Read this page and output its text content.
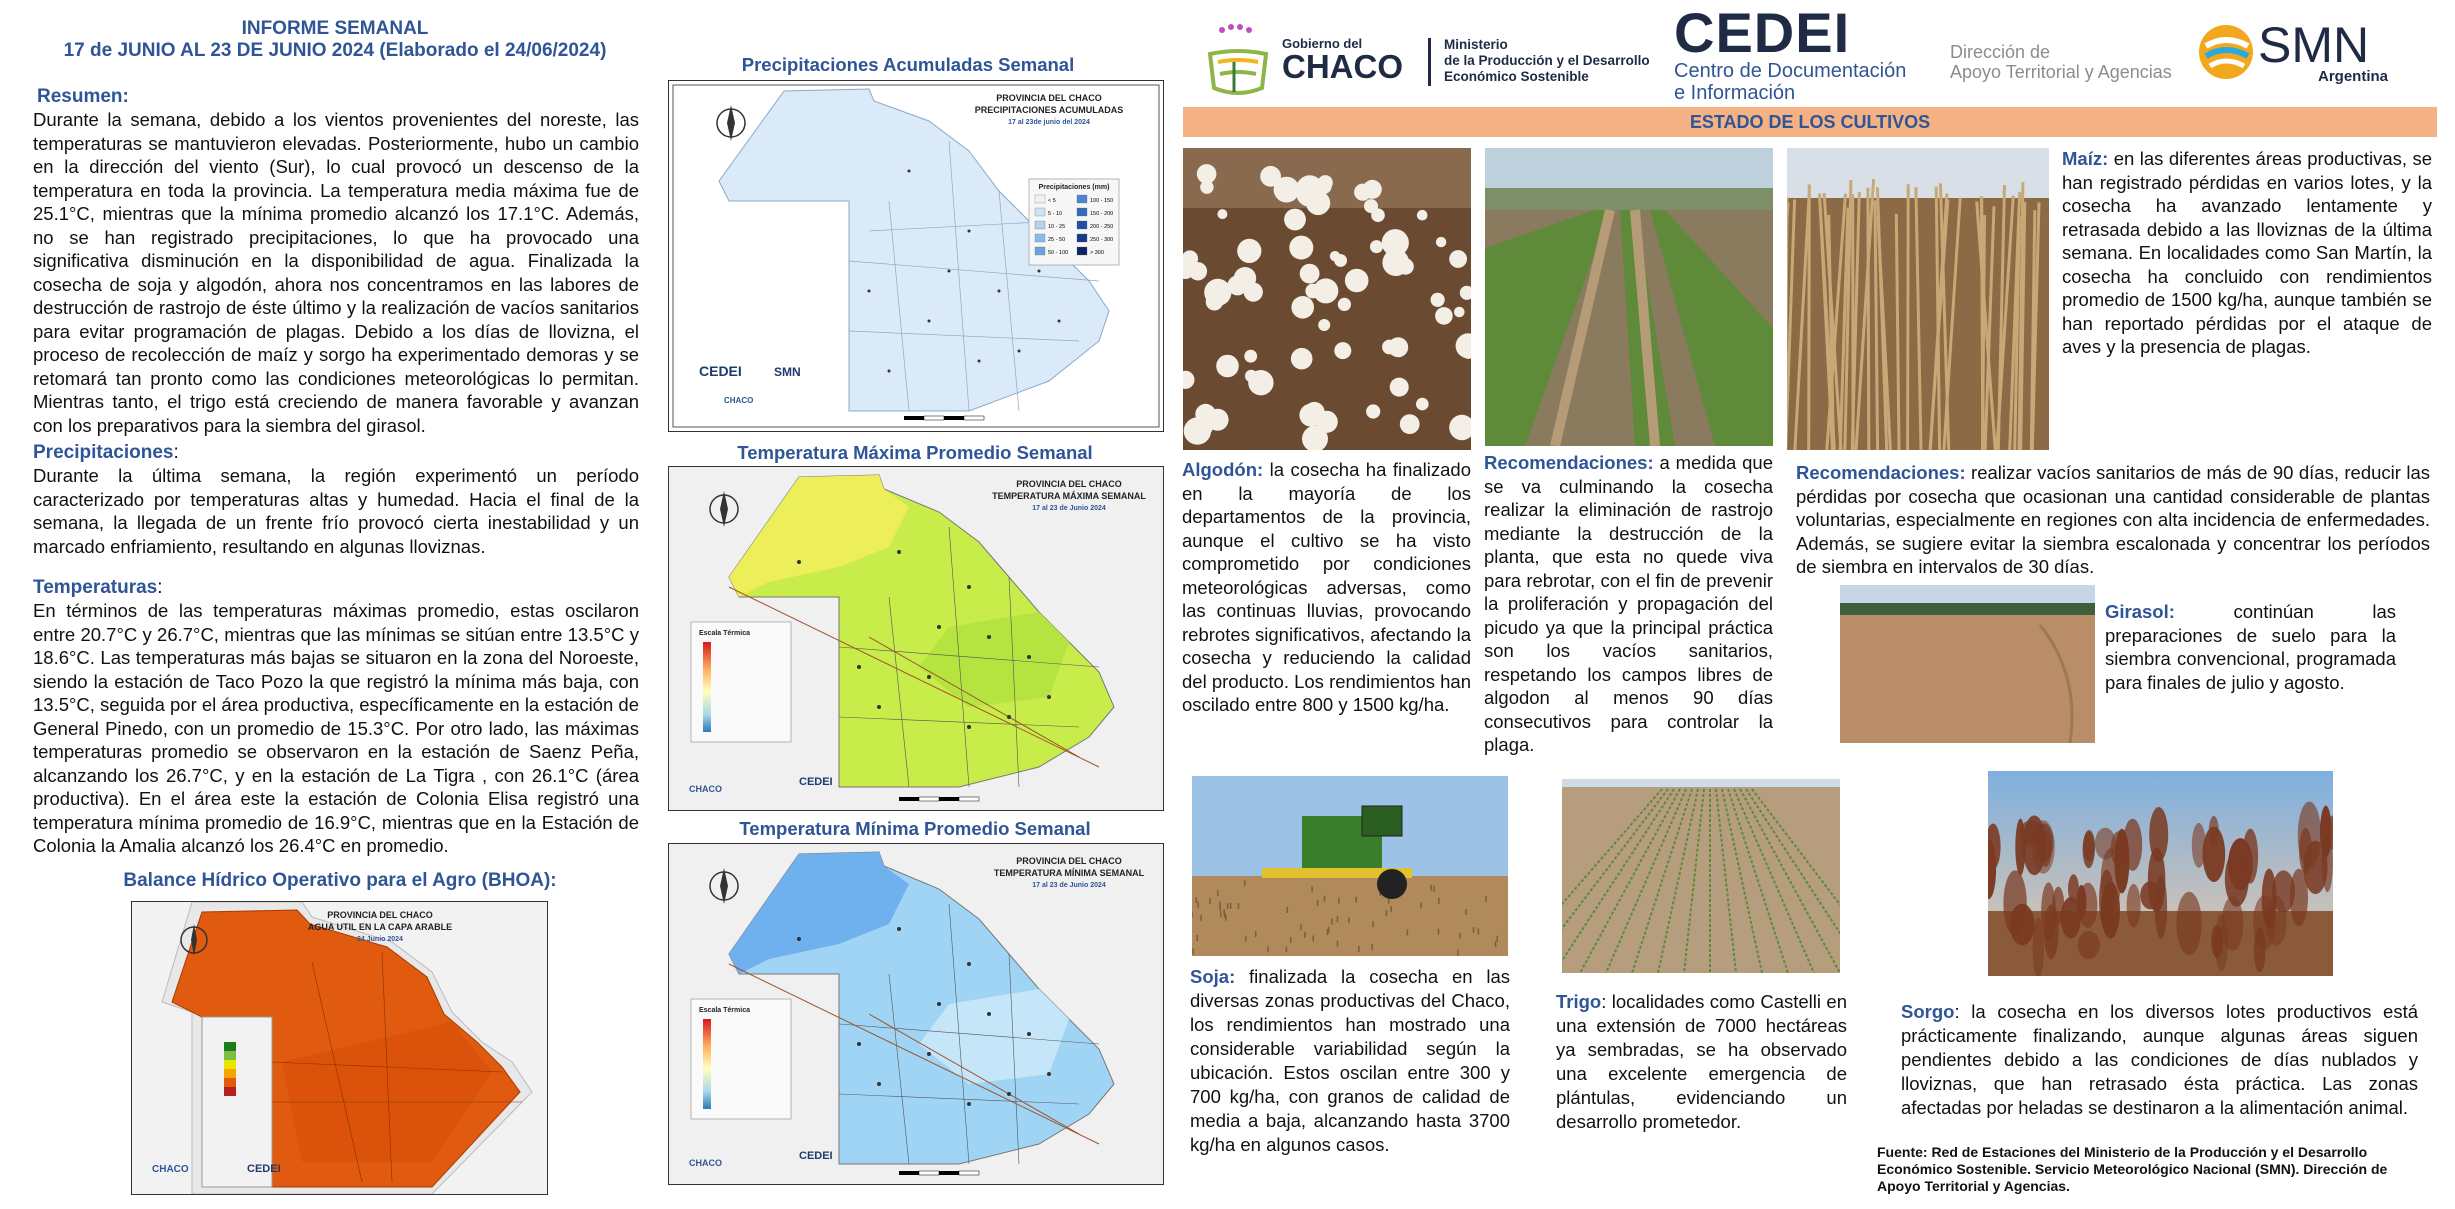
INFORME SEMANAL
17 de JUNIO AL 23 DE JUNIO 2024 (Elaborado el 24/06/2024)
Resumen:
Durante la semana, debido a los vientos provenientes del noreste, las temperaturas se mantuvieron elevadas. Posteriormente, hubo un cambio en la dirección del viento (Sur), lo cual provocó un descenso de la temperatura en toda la provincia. La temperatura media máxima fue de 25.1°C, mientras que la mínima promedio alcanzó los 17.1°C. Además, no se han registrado precipitaciones, lo que ha provocado una significativa disminución en la disponibilidad de agua. Finalizada la cosecha de soja y algodón, ahora nos concentramos en las labores de destrucción de rastrojo de éste último y la realización de vacíos sanitarios para evitar programación de plagas. Debido a los días de llovizna, el proceso de recolección de maíz y sorgo ha experimentado demoras y se retomará tan pronto como las condiciones meteorológicas lo permitan. Mientras tanto, el trigo está creciendo de manera favorable y avanzan con los preparativos para la siembra del girasol.
Precipitaciones:
Durante la última semana, la región experimentó un período caracterizado por temperaturas altas y humedad. Hacia el final de la semana, la llegada de un frente frío provocó cierta inestabilidad y un marcado enfriamiento, resultando en algunas lloviznas.
Temperaturas:
En términos de las temperaturas máximas promedio, estas oscilaron entre 20.7°C y 26.7°C, mientras que las mínimas se sitúan entre 13.5°C y 18.6°C. Las temperaturas más bajas se situaron en la zona del Noroeste, siendo la estación de Taco Pozo la que registró la mínima más baja, con 13.5°C, seguida por el área productiva, específicamente en la estación de General Pinedo, con un promedio de 15.3°C. Por otro lado, las máximas temperaturas promedio se observaron en la estación de Saenz Peña, alcanzando los 26.7°C, y en la estación de La Tigra , con 26.1°C (área productiva). En el área este la estación de Colonia Elisa registró una temperatura mínima promedio de 16.9°C, mientras que en la Estación de Colonia la Amalia alcanzó los 26.4°C en promedio.
Balance Hídrico Operativo para el Agro (BHOA):
PROVINCIA DEL CHACO
AGUA UTIL EN LA CAPA ARABLE
24 Junio 2024
CHACO	CEDEI
Precipitaciones Acumuladas Semanal
PROVINCIA DEL CHACO
PRECIPITACIONES ACUMULADAS
17 al 23de junio del 2024
Precipitaciones (mm)
< 5
5 - 10
10 - 25
25 - 50
50 - 100
100 - 150
150 - 200
200 - 250
250 - 300
> 300
CEDEI	SMN
CHACO
Temperatura Máxima Promedio Semanal
PROVINCIA DEL CHACO
TEMPERATURA MÁXIMA SEMANAL
17 al 23 de Junio 2024
Escala Térmica
CHACO
CEDEI
Temperatura Mínima Promedio Semanal
PROVINCIA DEL CHACO
TEMPERATURA MÍNIMA SEMANAL
17 al 23 de Junio 2024
Escala Térmica
CHACO
CEDEI
Gobierno del
CHACO
Ministerio
de la Producción y el Desarrollo
Económico Sostenible
CEDEI
Centro de Documentación
e Información
Dirección de
Apoyo Territorial y Agencias SMN
Argentina
ESTADO DE LOS CULTIVOS
Maíz: en las diferentes áreas productivas, se han registrado pérdidas en varios lotes, y la cosecha ha avanzado lentamente y retrasada debido a las lloviznas de la última semana. En localidades como San Martín, la cosecha ha concluido con rendimientos promedio de 1500 kg/ha, aunque también se han reportado pérdidas por el ataque de aves y la presencia de plagas.
Algodón: la cosecha ha finalizado en la mayoría de los departamentos de la provincia, aunque el cultivo se ha visto comprometido por condiciones meteorológicas adversas, como las continuas lluvias, provocando rebrotes significativos, afectando la cosecha y reduciendo la calidad del producto. Los rendimientos han oscilado entre 800 y 1500 kg/ha.
Recomendaciones: a medida que se va culminando la cosecha realizar la eliminación de rastrojo mediante la destrucción de la planta, que esta no quede viva para rebrotar, con el fin de prevenir la proliferación y propagación del picudo ya que la principal práctica son los vacíos sanitarios, respetando los campos libres de algodon al menos 90 días consecutivos para controlar la plaga.
Recomendaciones: realizar vacíos sanitarios de más de 90 días, reducir las pérdidas por cosecha que ocasionan una cantidad considerable de plantas voluntarias, especialmente en regiones con alta incidencia de enfermedades. Además, se sugiere evitar la siembra escalonada y concentrar los períodos de siembra en intervalos de 30 días.
Girasol: continúan las preparaciones de suelo para la siembra convencional, programada para finales de julio y agosto.
Soja: finalizada la cosecha en las diversas zonas productivas del Chaco, los rendimientos han mostrado una considerable variabilidad según la ubicación. Estos oscilan entre 300 y 700 kg/ha, con granos de calidad de media a baja, alcanzando hasta 3700 kg/ha en algunos casos.
Trigo: localidades como Castelli en una extensión de 7000 hectáreas ya sembradas, se ha observado una excelente emergencia de plántulas, evidenciando un desarrollo prometedor.
Sorgo: la cosecha en los diversos lotes productivos está prácticamente finalizando, aunque algunas áreas siguen pendientes debido a las condiciones de días nublados y lloviznas, que han retrasado ésta práctica. Las zonas afectadas por heladas se destinaron a la alimentación animal.
Fuente: Red de Estaciones del Ministerio de la Producción y el Desarrollo Económico Sostenible. Servicio Meteorológico Nacional (SMN). Dirección de Apoyo Territorial y Agencias.
